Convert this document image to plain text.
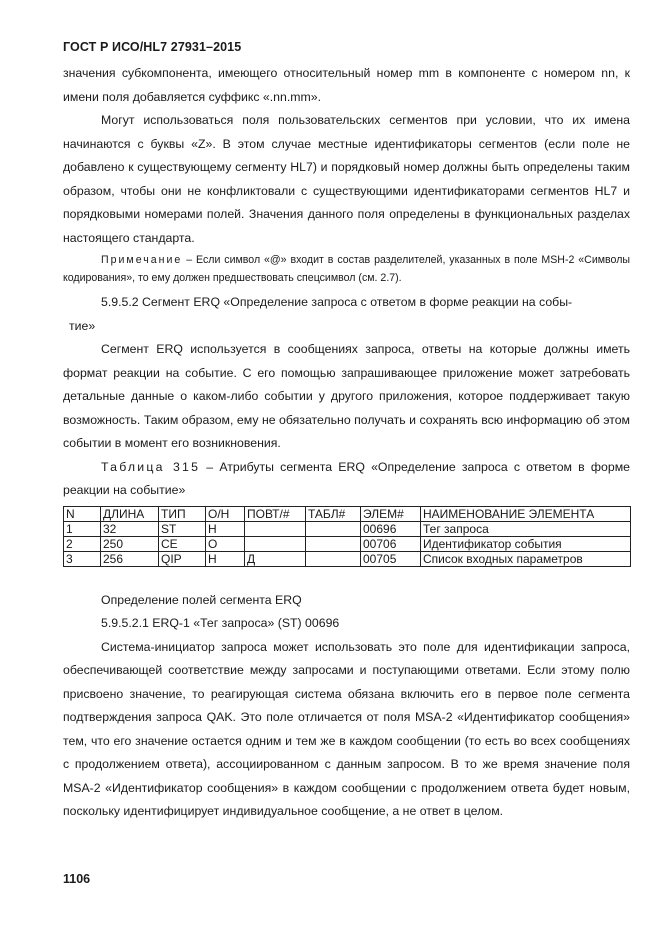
ГОСТ Р ИСО/HL7 27931–2015

значения субкомпонента, имеющего относительный номер mm в компоненте с номером nn, к имени поля добавляется суффикс «.nn.mm».

Могут использоваться поля пользовательских сегментов при условии, что их имена начинаются с буквы «Z». В этом случае местные идентификаторы сегментов (если поле не добавлено к существующему сегменту HL7) и порядковый номер должны быть определены таким образом, чтобы они не конфликтовали с существующими идентификаторами сегментов HL7 и порядковыми номерами полей. Значения данного поля определены в функциональных разделах настоящего стандарта.

Примечание – Если символ «@» входит в состав разделителей, указанных в поле MSH-2 «Символы кодирования», то ему должен предшествовать спецсимвол (см. 2.7).

5.9.5.2 Сегмент ERQ «Определение запроса с ответом в форме реакции на собы-

тие»

Сегмент ERQ используется в сообщениях запроса, ответы на которые должны иметь формат реакции на событие. С его помощью запрашивающее приложение может затребовать детальные данные о каком-либо событии у другого приложения, которое поддерживает такую возможность. Таким образом, ему не обязательно получать и сохранять всю информацию об этом событии в момент его возникновения.

Таблица 315 – Атрибуты сегмента ERQ «Определение запроса с ответом в форме реакции на событие»

N	ДЛИНА	ТИП	О/Н	ПОВТ/#	ТАБЛ#	ЭЛЕМ#	НАИМЕНОВАНИЕ ЭЛЕМЕНТА
1	32	ST	Н			00696	Тег запроса
2	250	CE	О			00706	Идентификатор события
3	256	QIP	Н	Д		00705	Список входных параметров

Определение полей сегмента ERQ

5.9.5.2.1 ERQ-1 «Тег запроса» (ST) 00696

Система-инициатор запроса может использовать это поле для идентификации запроса, обеспечивающей соответствие между запросами и поступающими ответами. Если этому полю присвоено значение, то реагирующая система обязана включить его в первое поле сегмента подтверждения запроса QAK. Это поле отличается от поля MSA-2 «Идентификатор сообщения» тем, что его значение остается одним и тем же в каждом сообщении (то есть во всех сообщениях с продолжением ответа), ассоциированном с данным запросом. В то же время значение поля MSA-2 «Идентификатор сообщения» в каждом сообщении с продолжением ответа будет новым, поскольку идентифицирует индивидуальное сообщение, а не ответ в целом.

1106
